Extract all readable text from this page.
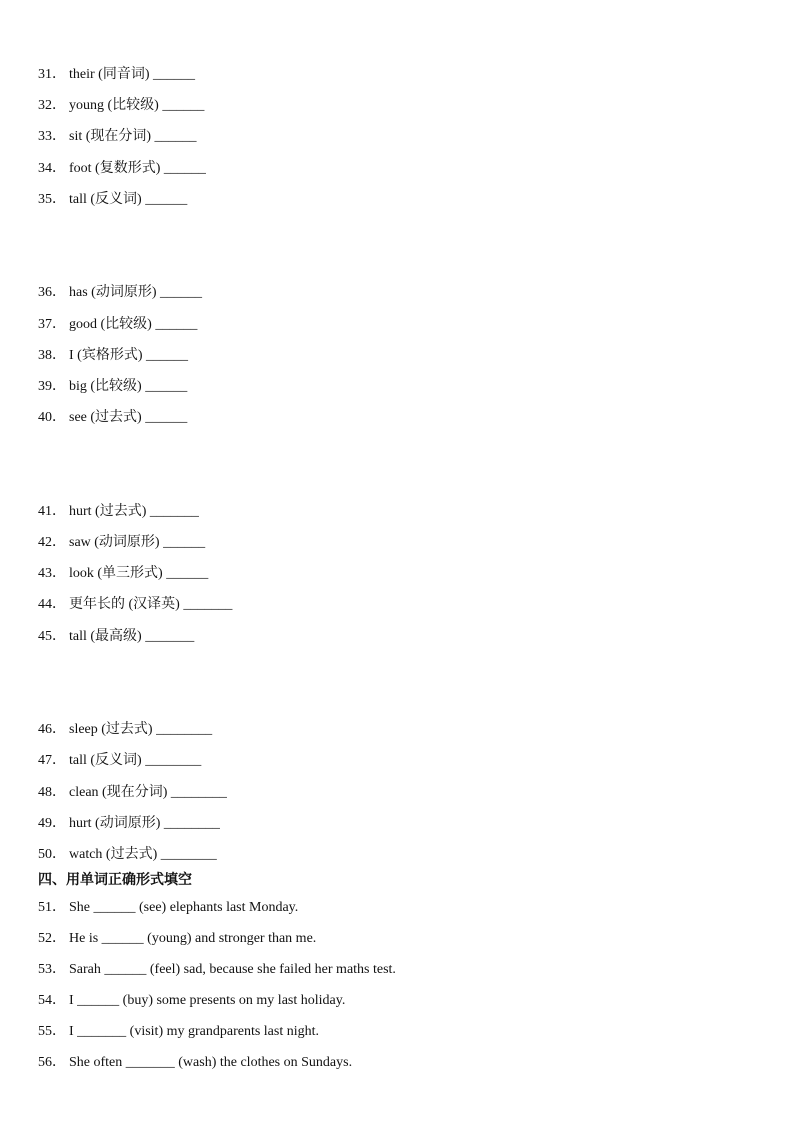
31． their (同音词) ______
32． young (比较级) ______
33． sit (现在分词) ______
34． foot (复数形式) ______
35． tall (反义词) ______
36． has (动词原形) ______
37． good (比较级) ______
38． I (宾格形式) ______
39． big (比较级) ______
40． see (过去式) ______
41． hurt (过去式) _______
42． saw (动词原形) ______
43． look (单三形式) ______
44． 更年长的 (汉译英) _______
45． tall (最高级) _______
46． sleep (过去式) ________
47． tall (反义词) ________
48． clean (现在分词) ________
49． hurt (动词原形) ________
50． watch (过去式) ________
四、用单词正确形式填空
51． She ______ (see) elephants last Monday.
52． He is ______ (young) and stronger than me.
53． Sarah ______ (feel) sad, because she failed her maths test.
54． I ______ (buy) some presents on my last holiday.
55． I _______ (visit) my grandparents last night.
56． She often _______ (wash) the clothes on Sundays.
